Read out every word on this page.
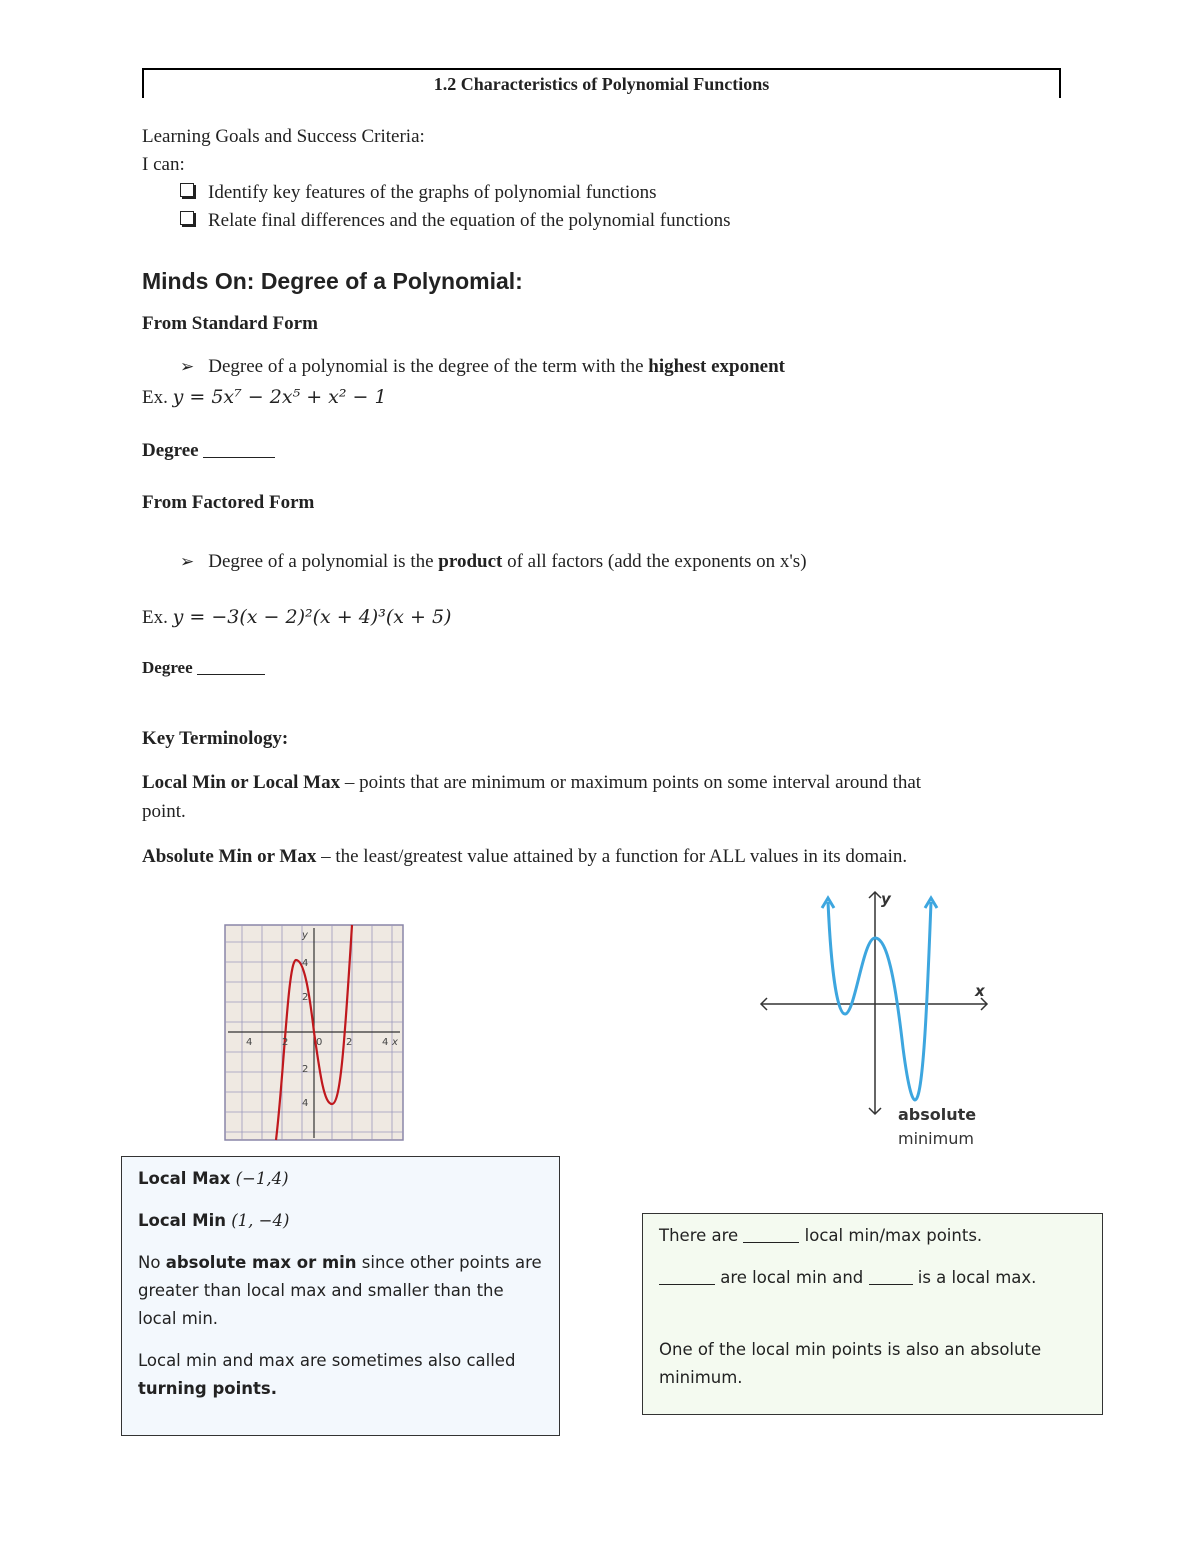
1.2 Characteristics of Polynomial Functions
Learning Goals and Success Criteria:
I can:
Identify key features of the graphs of polynomial functions
Relate final differences and the equation of the polynomial functions
Minds On: Degree of a Polynomial:
From Standard Form
➢ Degree of a polynomial is the degree of the term with the highest exponent
Ex. y = 5x⁷ − 2x⁵ + x² − 1
Degree
From Factored Form
➢ Degree of a polynomial is the product of all factors (add the exponents on x's)
Ex. y = −3(x − 2)²(x + 4)³(x + 5)
Degree
Key Terminology:
Local Min or Local Max – points that are minimum or maximum points on some interval around that
point.
Absolute Min or Max – the least/greatest value attained by a function for ALL values in its domain.
y
x
4	2	0 2	4
4
2
2
4
y
x
absolute
minimum

Local Max (−1,4)

Local Min (1, −4)

No absolute max or min since other points are greater than local max and smaller than the local min.

Local min and max are sometimes also called turning points.

There are	local min/max points.

are local min and	is a local max.

One of the local min points is also an absolute minimum.
